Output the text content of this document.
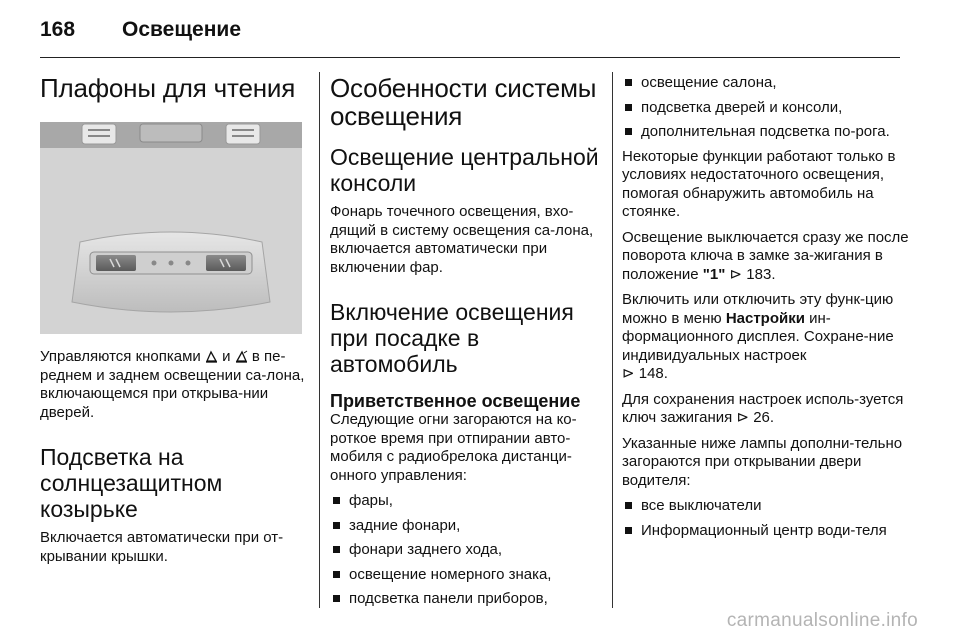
168 Освещение
Плафоны для чтения

Управляются кнопками и в пе-реднем и заднем освещении са-лона, включающемся при открыва-нии дверей.

Подсветка на солнцезащитном козырьке

Включается автоматически при от-крывании крышки.

Особенности системы освещения
Освещение центральной консоли

Фонарь точечного освещения, вхо-дящий в систему освещения са-лона, включается автоматически при включении фар.

Включение освещения при посадке в автомобиль
Приветственное освещение

Следующие огни загораются на ко-роткое время при отпирании авто-мобиля с радиобрелока дистанци-онного управления:

фары,
задние фонари,
фонари заднего хода,
освещение номерного знака,
подсветка панели приборов,
освещение салона,
подсветка дверей и консоли,
дополнительная подсветка по-рога.

Некоторые функции работают только в условиях недостаточного освещения, помогая обнаружить автомобиль на стоянке.

Освещение выключается сразу же после поворота ключа в замке за-жигания в положение "1" ⊳ 183.

Включить или отключить эту функ-цию можно в меню Настройки ин-формационного дисплея. Сохране-ние индивидуальных настроек
⊳ 148.

Для сохранения настроек исполь-зуется ключ зажигания ⊳ 26.

Указанные ниже лампы дополни-тельно загораются при открывании двери водителя:

все выключатели
Информационный центр води-теля
carmanualsonline.info
